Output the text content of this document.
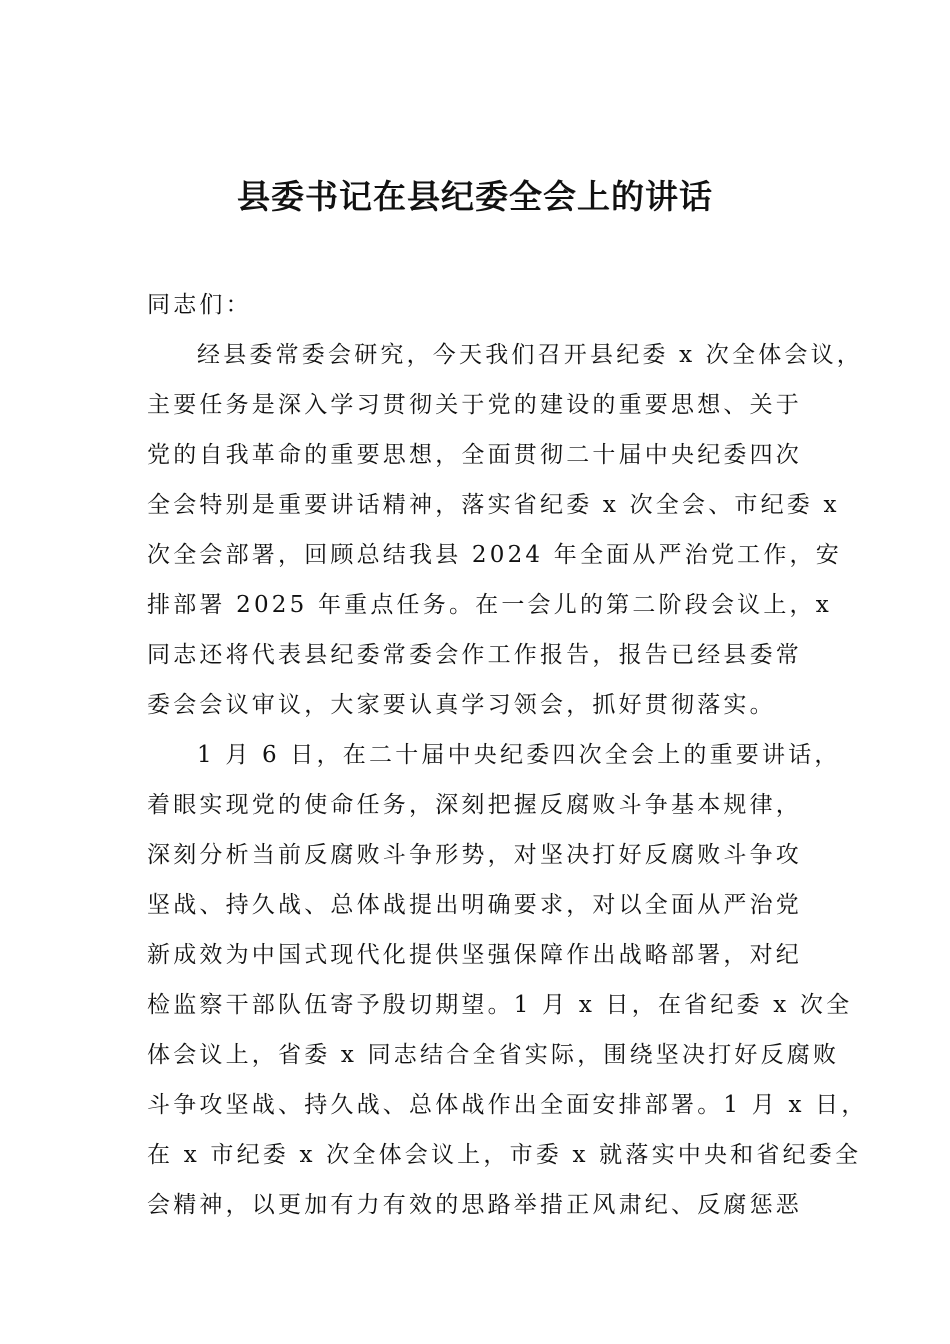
县委书记在县纪委全会上的讲话
同志们：
经县委常委会研究，今天我们召开县纪委 x 次全体会议，
主要任务是深入学习贯彻关于党的建设的重要思想、关于
党的自我革命的重要思想，全面贯彻二十届中央纪委四次
全会特别是重要讲话精神，落实省纪委 x 次全会、市纪委 x
次全会部署，回顾总结我县 2024 年全面从严治党工作，安
排部署 2025 年重点任务。在一会儿的第二阶段会议上，x
同志还将代表县纪委常委会作工作报告，报告已经县委常
委会会议审议，大家要认真学习领会，抓好贯彻落实。
1 月 6 日，在二十届中央纪委四次全会上的重要讲话，
着眼实现党的使命任务，深刻把握反腐败斗争基本规律，
深刻分析当前反腐败斗争形势，对坚决打好反腐败斗争攻
坚战、持久战、总体战提出明确要求，对以全面从严治党
新成效为中国式现代化提供坚强保障作出战略部署，对纪
检监察干部队伍寄予殷切期望。1 月 x 日，在省纪委 x 次全
体会议上，省委 x 同志结合全省实际，围绕坚决打好反腐败
斗争攻坚战、持久战、总体战作出全面安排部署。1 月 x 日，
在 x 市纪委 x 次全体会议上，市委 x 就落实中央和省纪委全
会精神，以更加有力有效的思路举措正风肃纪、反腐惩恶
